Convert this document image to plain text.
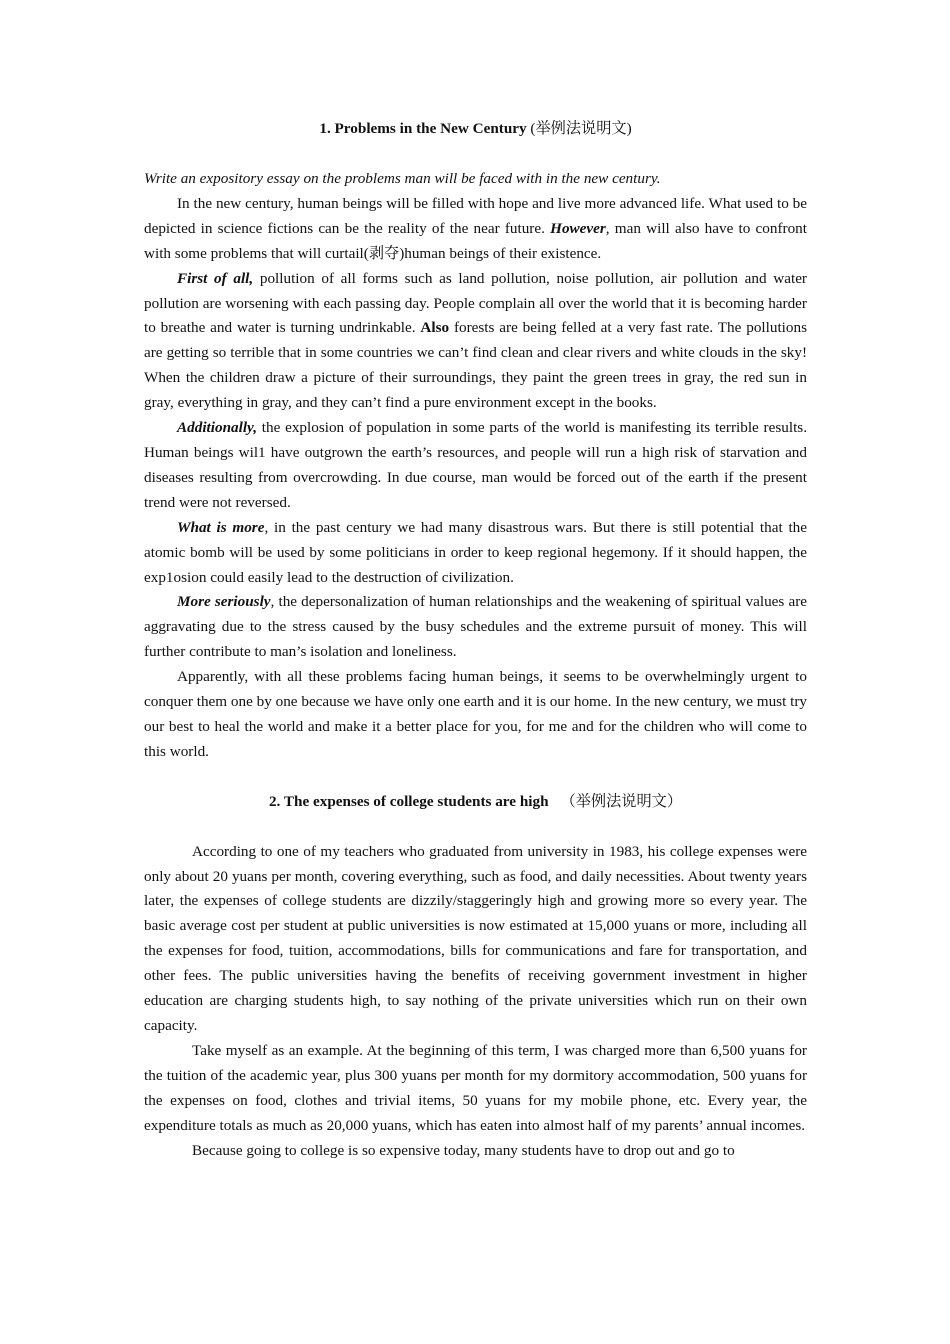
1. Problems in the New Century (举例法说明文)

Write an expository essay on the problems man will be faced with in the new century.

In the new century, human beings will be filled with hope and live more advanced life. What used to be depicted in science fictions can be the reality of the near future. However, man will also have to confront with some problems that will curtail(剥夺)human beings of their existence.

First of all, pollution of all forms such as land pollution, noise pollution, air pollution and water pollution are worsening with each passing day. People complain all over the world that it is becoming harder to breathe and water is turning undrinkable. Also forests are being felled at a very fast rate. The pollutions are getting so terrible that in some countries we can’t find clean and clear rivers and white clouds in the sky! When the children draw a picture of their surroundings, they paint the green trees in gray, the red sun in gray, everything in gray, and they can’t find a pure environment except in the books.

Additionally, the explosion of population in some parts of the world is manifesting its terrible results. Human beings wil1 have outgrown the earth’s resources, and people will run a high risk of starvation and diseases resulting from overcrowding. In due course, man would be forced out of the earth if the present trend were not reversed.

What is more, in the past century we had many disastrous wars. But there is still potential that the atomic bomb will be used by some politicians in order to keep regional hegemony. If it should happen, the exp1osion could easily lead to the destruction of civilization.

More seriously, the depersonalization of human relationships and the weakening of spiritual values are aggravating due to the stress caused by the busy schedules and the extreme pursuit of money. This will further contribute to man’s isolation and loneliness.

Apparently, with all these problems facing human beings, it seems to be overwhelmingly urgent to conquer them one by one because we have only one earth and it is our home. In the new century, we must try our best to heal the world and make it a better place for you, for me and for the children who will come to this world.

2. The expenses of college students are high （举例法说明文）

According to one of my teachers who graduated from university in 1983, his college expenses were only about 20 yuans per month, covering everything, such as food, and daily necessities. About twenty years later, the expenses of college students are dizzily/staggeringly high and growing more so every year. The basic average cost per student at public universities is now estimated at 15,000 yuans or more, including all the expenses for food, tuition, accommodations, bills for communications and fare for transportation, and other fees. The public universities having the benefits of receiving government investment in higher education are charging students high, to say nothing of the private universities which run on their own capacity.

Take myself as an example. At the beginning of this term, I was charged more than 6,500 yuans for the tuition of the academic year, plus 300 yuans per month for my dormitory accommodation, 500 yuans for the expenses on food, clothes and trivial items, 50 yuans for my mobile phone, etc. Every year, the expenditure totals as much as 20,000 yuans, which has eaten into almost half of my parents’ annual incomes.

Because going to college is so expensive today, many students have to drop out and go to
